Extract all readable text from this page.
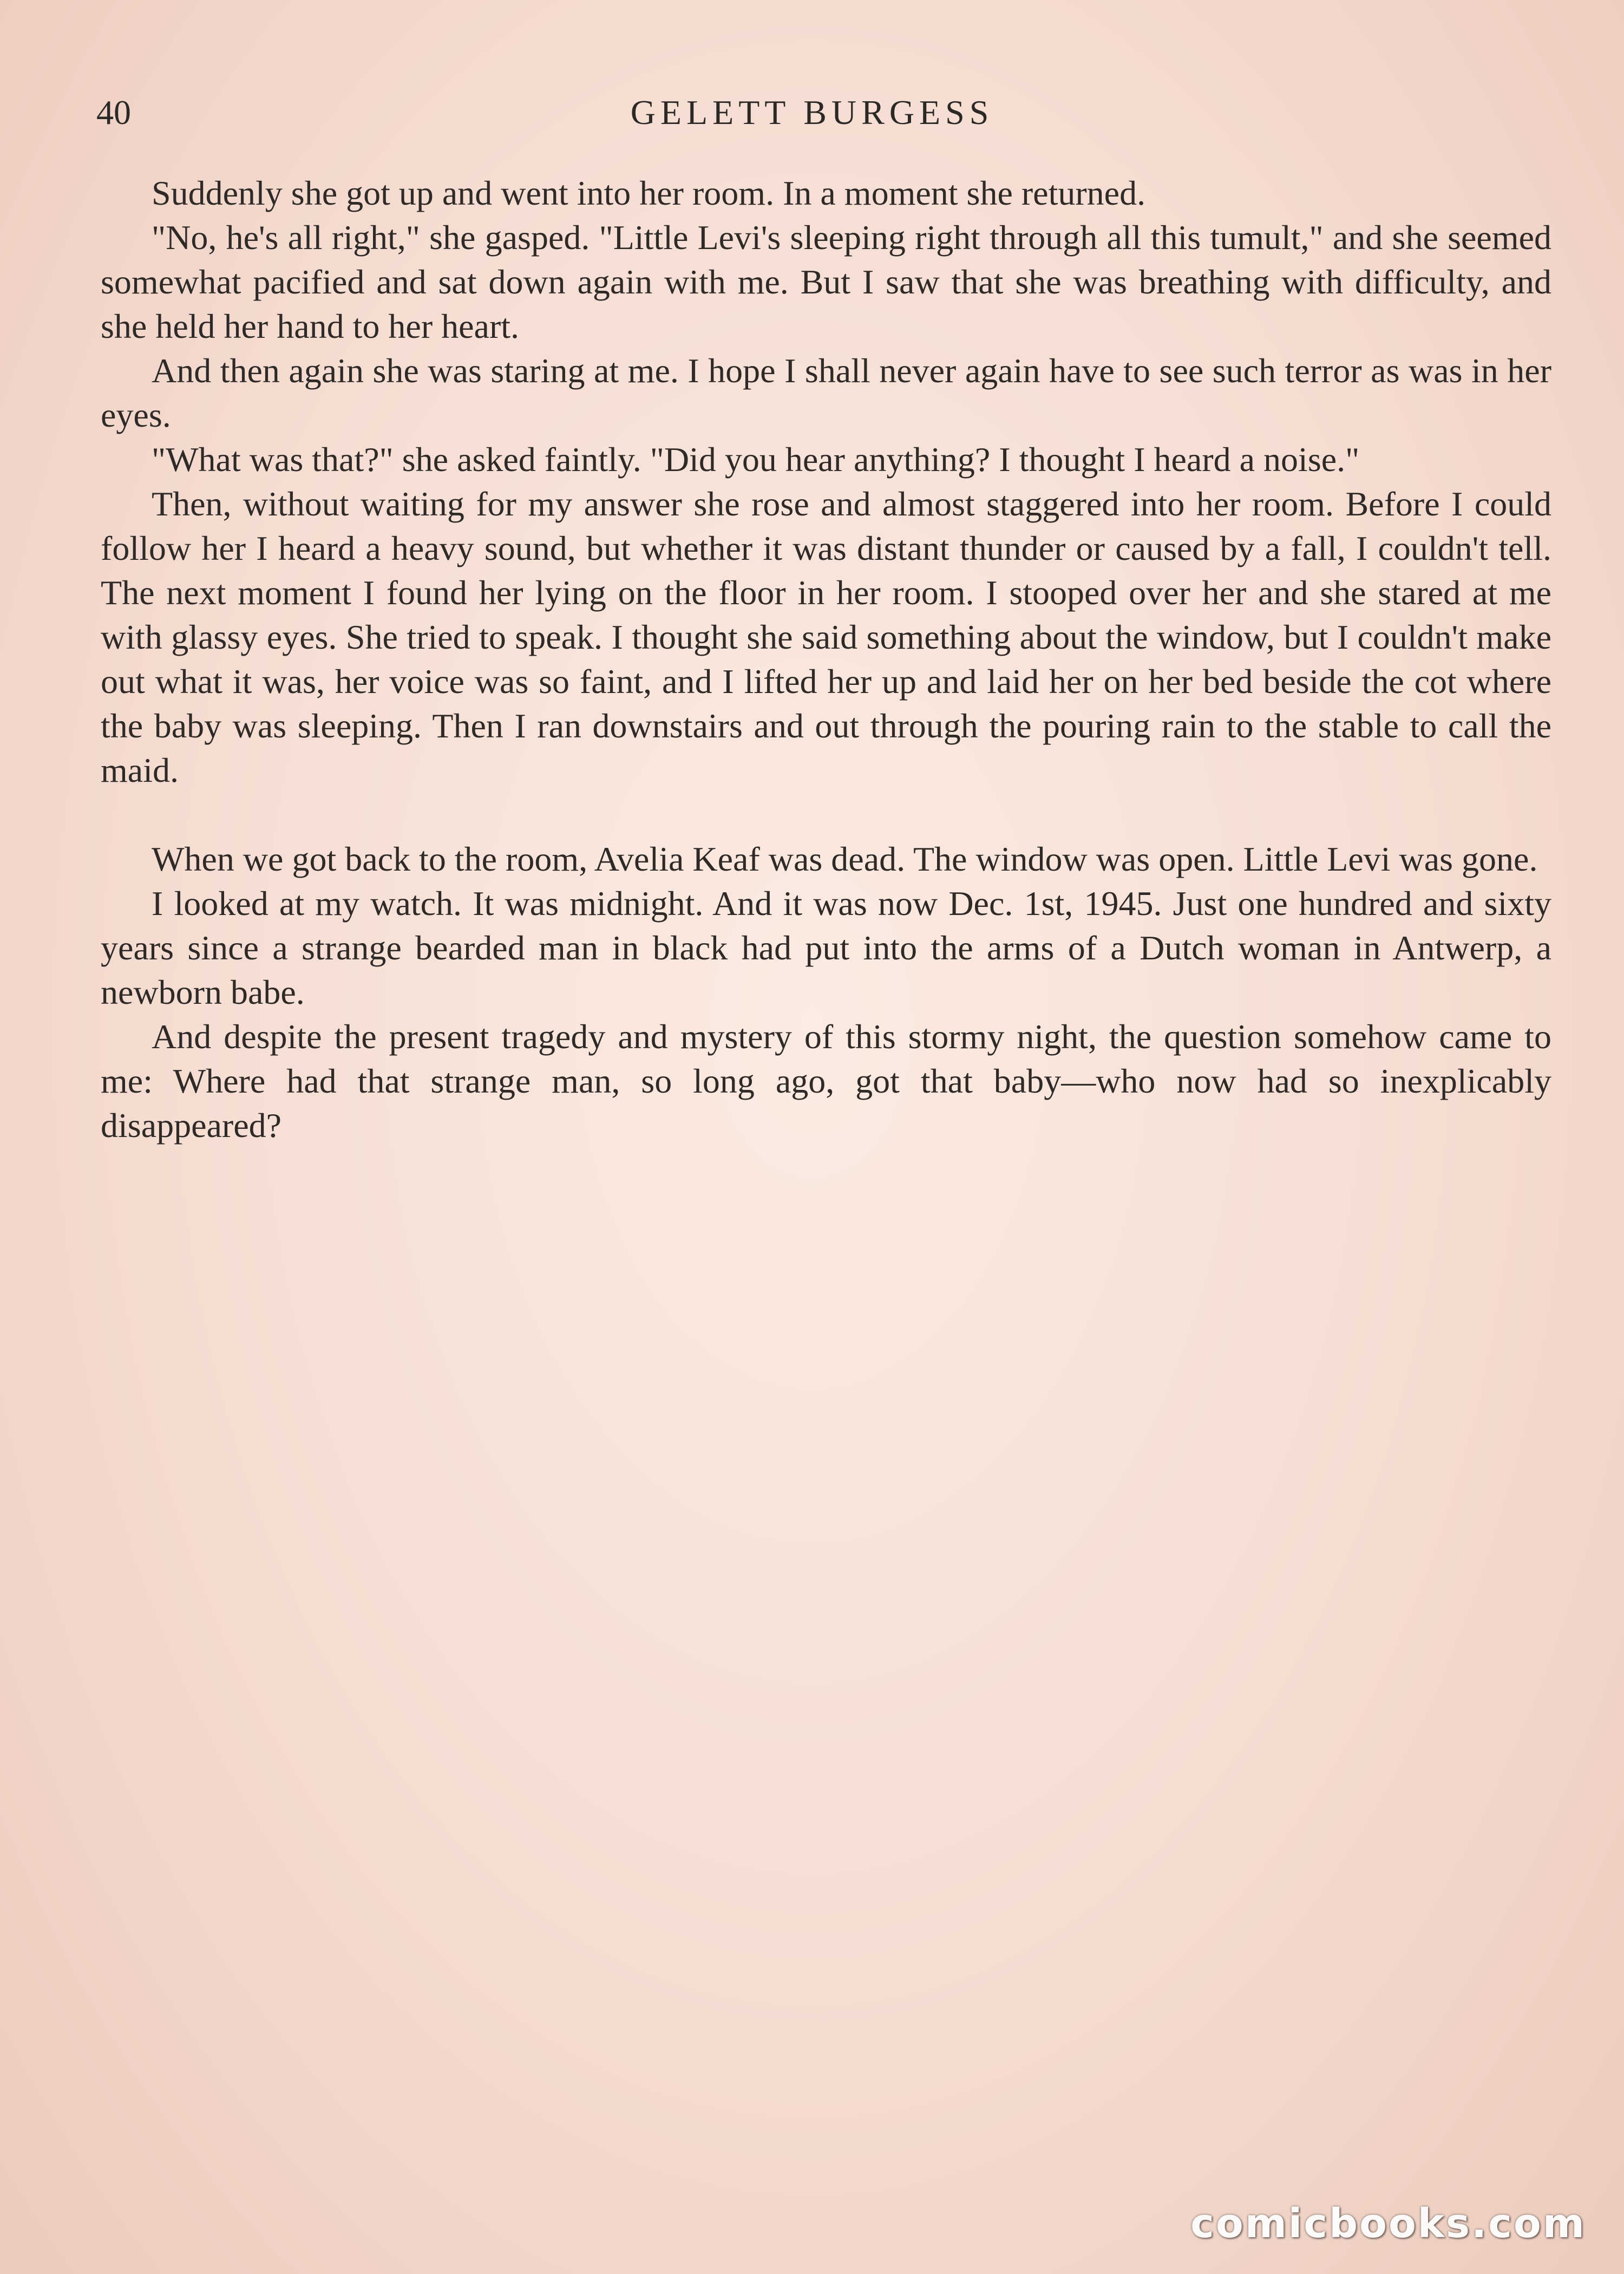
40	GELETT BURGESS

Suddenly she got up and went into her room. In a moment she returned.

"No, he's all right," she gasped. "Little Levi's sleeping right through all this tumult," and she seemed somewhat pacified and sat down again with me. But I saw that she was breathing with difficulty, and she held her hand to her heart.

And then again she was staring at me. I hope I shall never again have to see such terror as was in her eyes.

"What was that?" she asked faintly. "Did you hear anything? I thought I heard a noise."

Then, without waiting for my answer she rose and almost staggered into her room. Before I could follow her I heard a heavy sound, but whether it was distant thunder or caused by a fall, I couldn't tell. The next moment I found her lying on the floor in her room. I stooped over her and she stared at me with glassy eyes. She tried to speak. I thought she said something about the window, but I couldn't make out what it was, her voice was so faint, and I lifted her up and laid her on her bed beside the cot where the baby was sleeping. Then I ran downstairs and out through the pouring rain to the stable to call the maid.

When we got back to the room, Avelia Keaf was dead. The window was open. Little Levi was gone.

I looked at my watch. It was midnight. And it was now Dec. 1st, 1945. Just one hundred and sixty years since a strange bearded man in black had put into the arms of a Dutch woman in Antwerp, a newborn babe.

And despite the present tragedy and mystery of this stormy night, the question somehow came to me: Where had that strange man, so long ago, got that baby—who now had so inexplicably disappeared?

comicbooks.com
